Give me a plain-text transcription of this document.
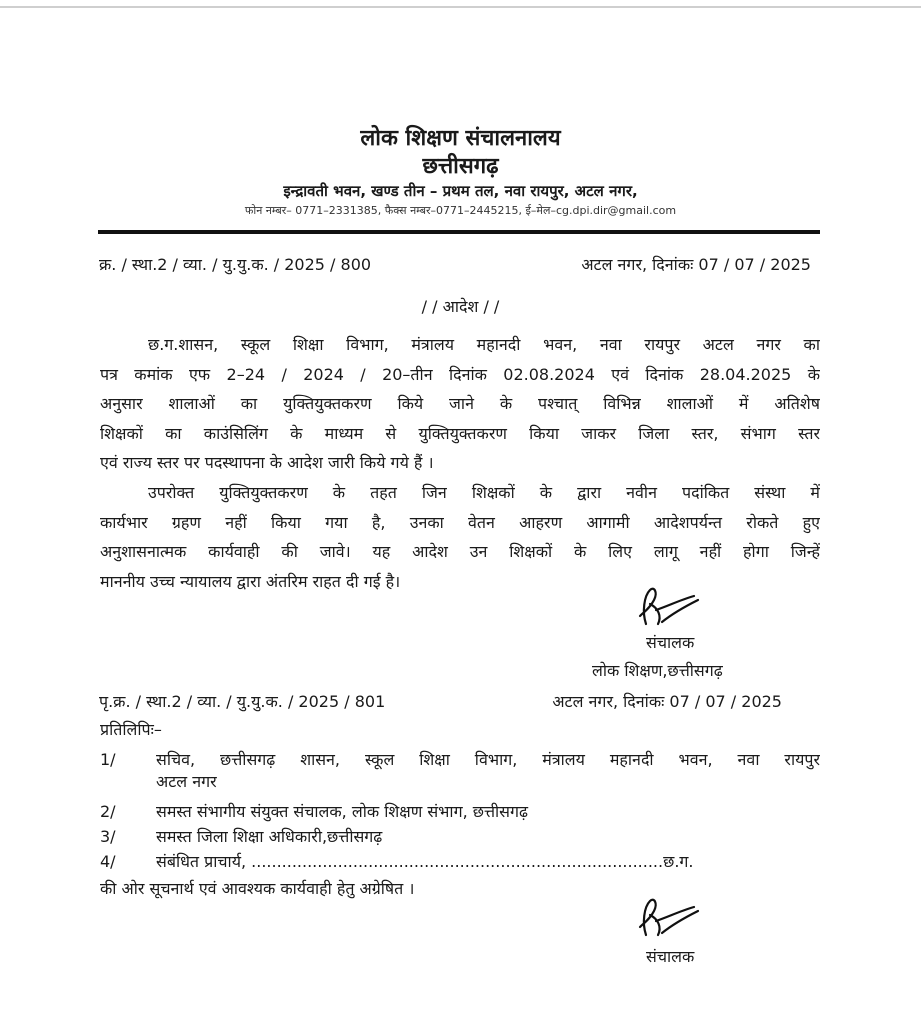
लोक शिक्षण संचालनालय
छत्तीसगढ़
इन्द्रावती भवन, खण्ड तीन – प्रथम तल, नवा रायपुर, अटल नगर,
फोन नम्बर– 0771–2331385, फैक्स नम्बर–0771–2445215, ई–मेल–cg.dpi.dir@gmail.com
क्र. / स्था.2 / व्या. / यु.यु.क. / 2025 / 800	अटल नगर, दिनांकः 07 / 07 / 2025
/ / आदेश / /
छ.ग.शासन, स्कूल शिक्षा विभाग, मंत्रालय महानदी भवन, नवा रायपुर अटल नगर का
पत्र कमांक एफ 2–24 / 2024 / 20–तीन दिनांक 02.08.2024 एवं दिनांक 28.04.2025 के
अनुसार शालाओं का युक्तियुक्तकरण किये जाने के पश्चात् विभिन्न शालाओं में अतिशेष
शिक्षकों का काउंसिलिंग के माध्यम से युक्तियुक्तकरण किया जाकर जिला स्तर, संभाग स्तर
एवं राज्य स्तर पर पदस्थापना के आदेश जारी किये गये हैं ।
उपरोक्त युक्तियुक्तकरण के तहत जिन शिक्षकों के द्वारा नवीन पदांकित संस्था में
कार्यभार ग्रहण नहीं किया गया है, उनका वेतन आहरण आगामी आदेशपर्यन्त रोकते हुए
अनुशासनात्मक कार्यवाही की जावे। यह आदेश उन शिक्षकों के लिए लागू नहीं होगा जिन्हें
माननीय उच्च न्यायालय द्वारा अंतरिम राहत दी गई है।
संचालक
लोक शिक्षण,छत्तीसगढ़
पृ.क्र. / स्था.2 / व्या. / यु.यु.क. / 2025 / 801	अटल नगर, दिनांकः 07 / 07 / 2025
प्रतिलिपिः–
1/	सचिव, छत्तीसगढ़ शासन, स्कूल शिक्षा विभाग, मंत्रालय महानदी भवन, नवा रायपुर
अटल नगर
2/	समस्त संभागीय संयुक्त संचालक, लोक शिक्षण संभाग, छत्तीसगढ़
3/	समस्त जिला शिक्षा अधिकारी,छत्तीसगढ़
4/	संबंधित प्राचार्य, .................................................................................छ.ग.
की ओर सूचनार्थ एवं आवश्यक कार्यवाही हेतु अग्रेषित ।
संचालक
